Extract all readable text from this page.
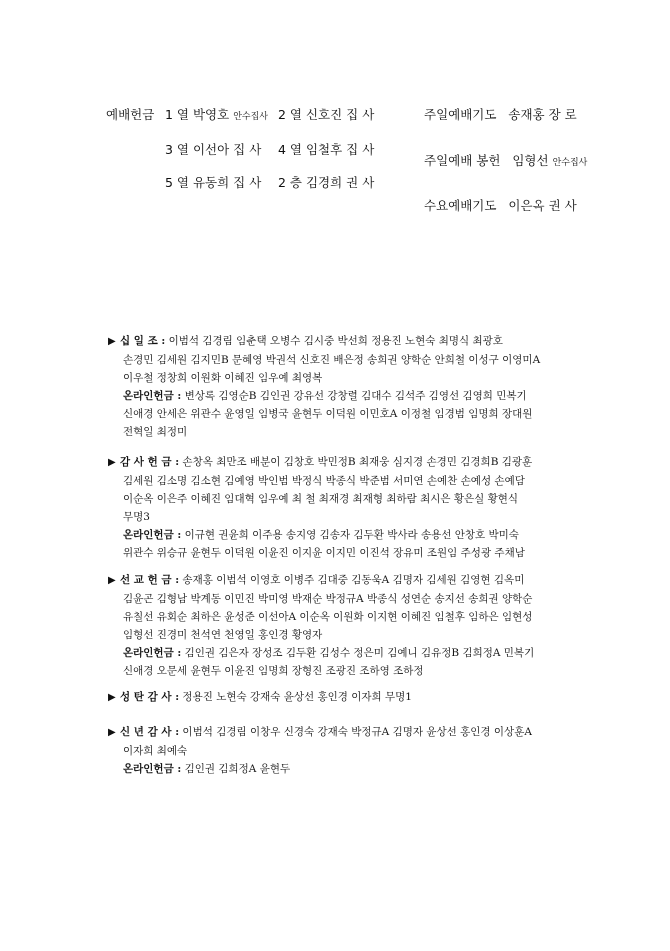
예배헌금 1 열 박영호 안수집사 2 열 신호진 집 사
3 열 이선아 집 사 4 열 임철후 집 사
5 열 유동희 집 사 2 층 김경희 권 사
주일예배기도 송재홍 장 로
주일예배 봉헌 임형선 안수집사
수요예배기도 이은옥 권 사
▶ 십 일 조 : 이범석 김경림 임춘택 오병수 김시중 박선희 정용진 노현숙 최명식 최광호
손경민 김세원 김지민B 문혜영 박권석 신호진 배은정 송희권 양학순 안희철 이성구 이영미A
이우철 정창희 이원화 이혜진 임우예 최영복
온라인헌금 : 변상록 김영순B 김인권 강유선 강창렬 김대수 김석주 김영선 김영희 민복기
신애경 안세은 위관수 윤영일 임병국 윤현두 이덕원 이민호A 이정철 임경범 임명희 장대원
전혁일 최정미
▶ 감 사 헌 금 : 손창옥 최만조 배분이 김창호 박민정B 최재웅 심지경 손경민 김경희B 김광훈
김세원 김소명 김소현 김예영 박인범 박정식 박종식 박준범 서미연 손예찬 손예성 손예담
이순옥 이은주 이혜진 임대혁 임우예 최 철 최재경 최재형 최하람 최시은 황은실 황현식
무명3
온라인헌금 : 이규현 권윤희 이주용 송지영 김송자 김두환 박사라 송용선 안창호 박미숙
위관수 위승규 윤현두 이덕원 이윤진 이지윤 이지민 이진석 장유미 조원임 주성광 주채남
▶ 선 교 헌 금 : 송재홍 이범석 이영호 이병주 김대중 김동욱A 김명자 김세원 김영현 김옥미
김윤곤 김형남 박계동 이민진 박미영 박재순 박정규A 박종식 성연순 송지선 송희권 양학순
유칠선 유회순 최하은 윤성준 이선아A 이순옥 이원화 이지현 이혜진 임철후 임하은 임현성
임형선 진경미 천석연 천영일 홍인경 황영자
온라인헌금 : 김인권 김은자 장성조 김두환 김성수 정은미 김예니 김유정B 김희정A 민복기
신애경 오문세 윤현두 이윤진 임명희 장형진 조광진 조하영 조하정
▶ 성 탄 감 사 : 정용진 노현숙 강재숙 윤상선 홍인경 이자희 무명1
▶ 신 년 감 사 : 이범석 김경림 이창우 신경숙 강재숙 박정규A 김명자 윤상선 홍인경 이상훈A
이자희 최예숙
온라인헌금 : 김인권 김희정A 윤현두
